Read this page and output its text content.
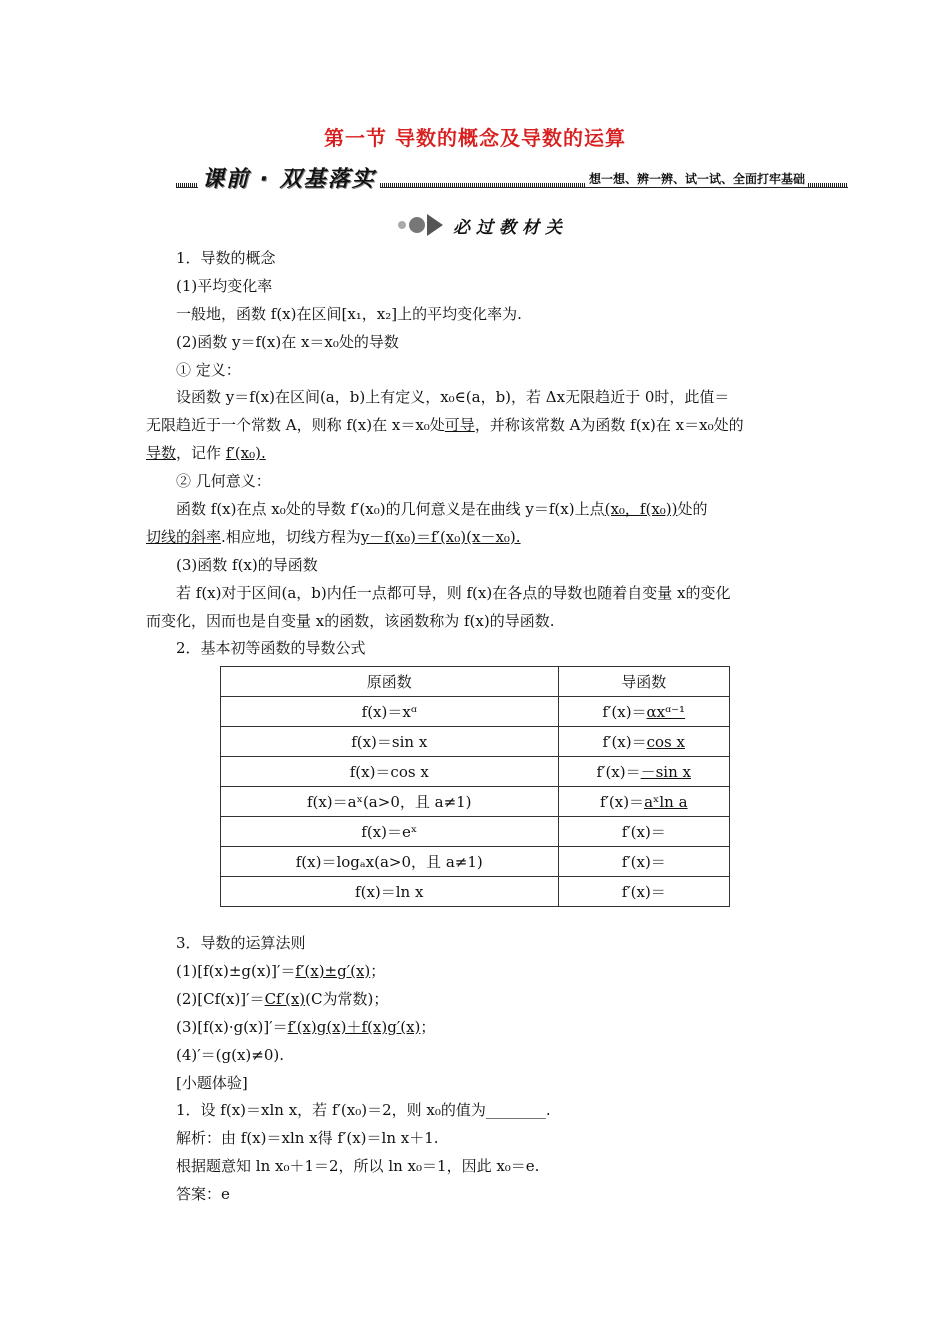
第一节 导数的概念及导数的运算
课前 · 双基落实	想一想、辨一辨、试一试、全面打牢基础
必过教材关
1．导数的概念
(1)平均变化率
一般地，函数 f(x)在区间[x₁，x₂]上的平均变化率为.
(2)函数 y＝f(x)在 x＝x₀处的导数
① 定义：
设函数 y＝f(x)在区间(a，b)上有定义，x₀∈(a，b)，若 Δx无限趋近于 0时，此值＝
无限趋近于一个常数 A，则称 f(x)在 x＝x₀处可导，并称该常数 A为函数 f(x)在 x＝x₀处的
导数，记作 f′(x₀).
② 几何意义：
函数 f(x)在点 x₀处的导数 f′(x₀)的几何意义是在曲线 y＝f(x)上点(x₀，f(x₀))处的
切线的斜率.相应地，切线方程为y－f(x₀)＝f′(x₀)(x－x₀).
(3)函数 f(x)的导函数
若 f(x)对于区间(a，b)内任一点都可导，则 f(x)在各点的导数也随着自变量 x的变化
而变化，因而也是自变量 x的函数，该函数称为 f(x)的导函数.
2．基本初等函数的导数公式
原函数	导函数
f(x)＝xᵅ	f′(x)＝αxᵅ⁻¹
f(x)＝sin x	f′(x)＝cos x
f(x)＝cos x	f′(x)＝－sin x
f(x)＝aˣ(a>0，且 a≠1)	f′(x)＝aˣln a
f(x)＝eˣ	f′(x)＝
f(x)＝logₐx(a>0，且 a≠1)	f′(x)＝
f(x)＝ln x	f′(x)＝
3．导数的运算法则
(1)[f(x)±g(x)]′＝f′(x)±g′(x)；
(2)[Cf(x)]′＝Cf′(x)(C为常数)；
(3)[f(x)·g(x)]′＝f′(x)g(x)＋f(x)g′(x)；
(4)′＝(g(x)≠0).
[小题体验]
1．设 f(x)＝xln x，若 f′(x₀)＝2，则 x₀的值为________.
解析：由 f(x)＝xln x得 f′(x)＝ln x＋1.
根据题意知 ln x₀＋1＝2，所以 ln x₀＝1，因此 x₀＝e.
答案：e
